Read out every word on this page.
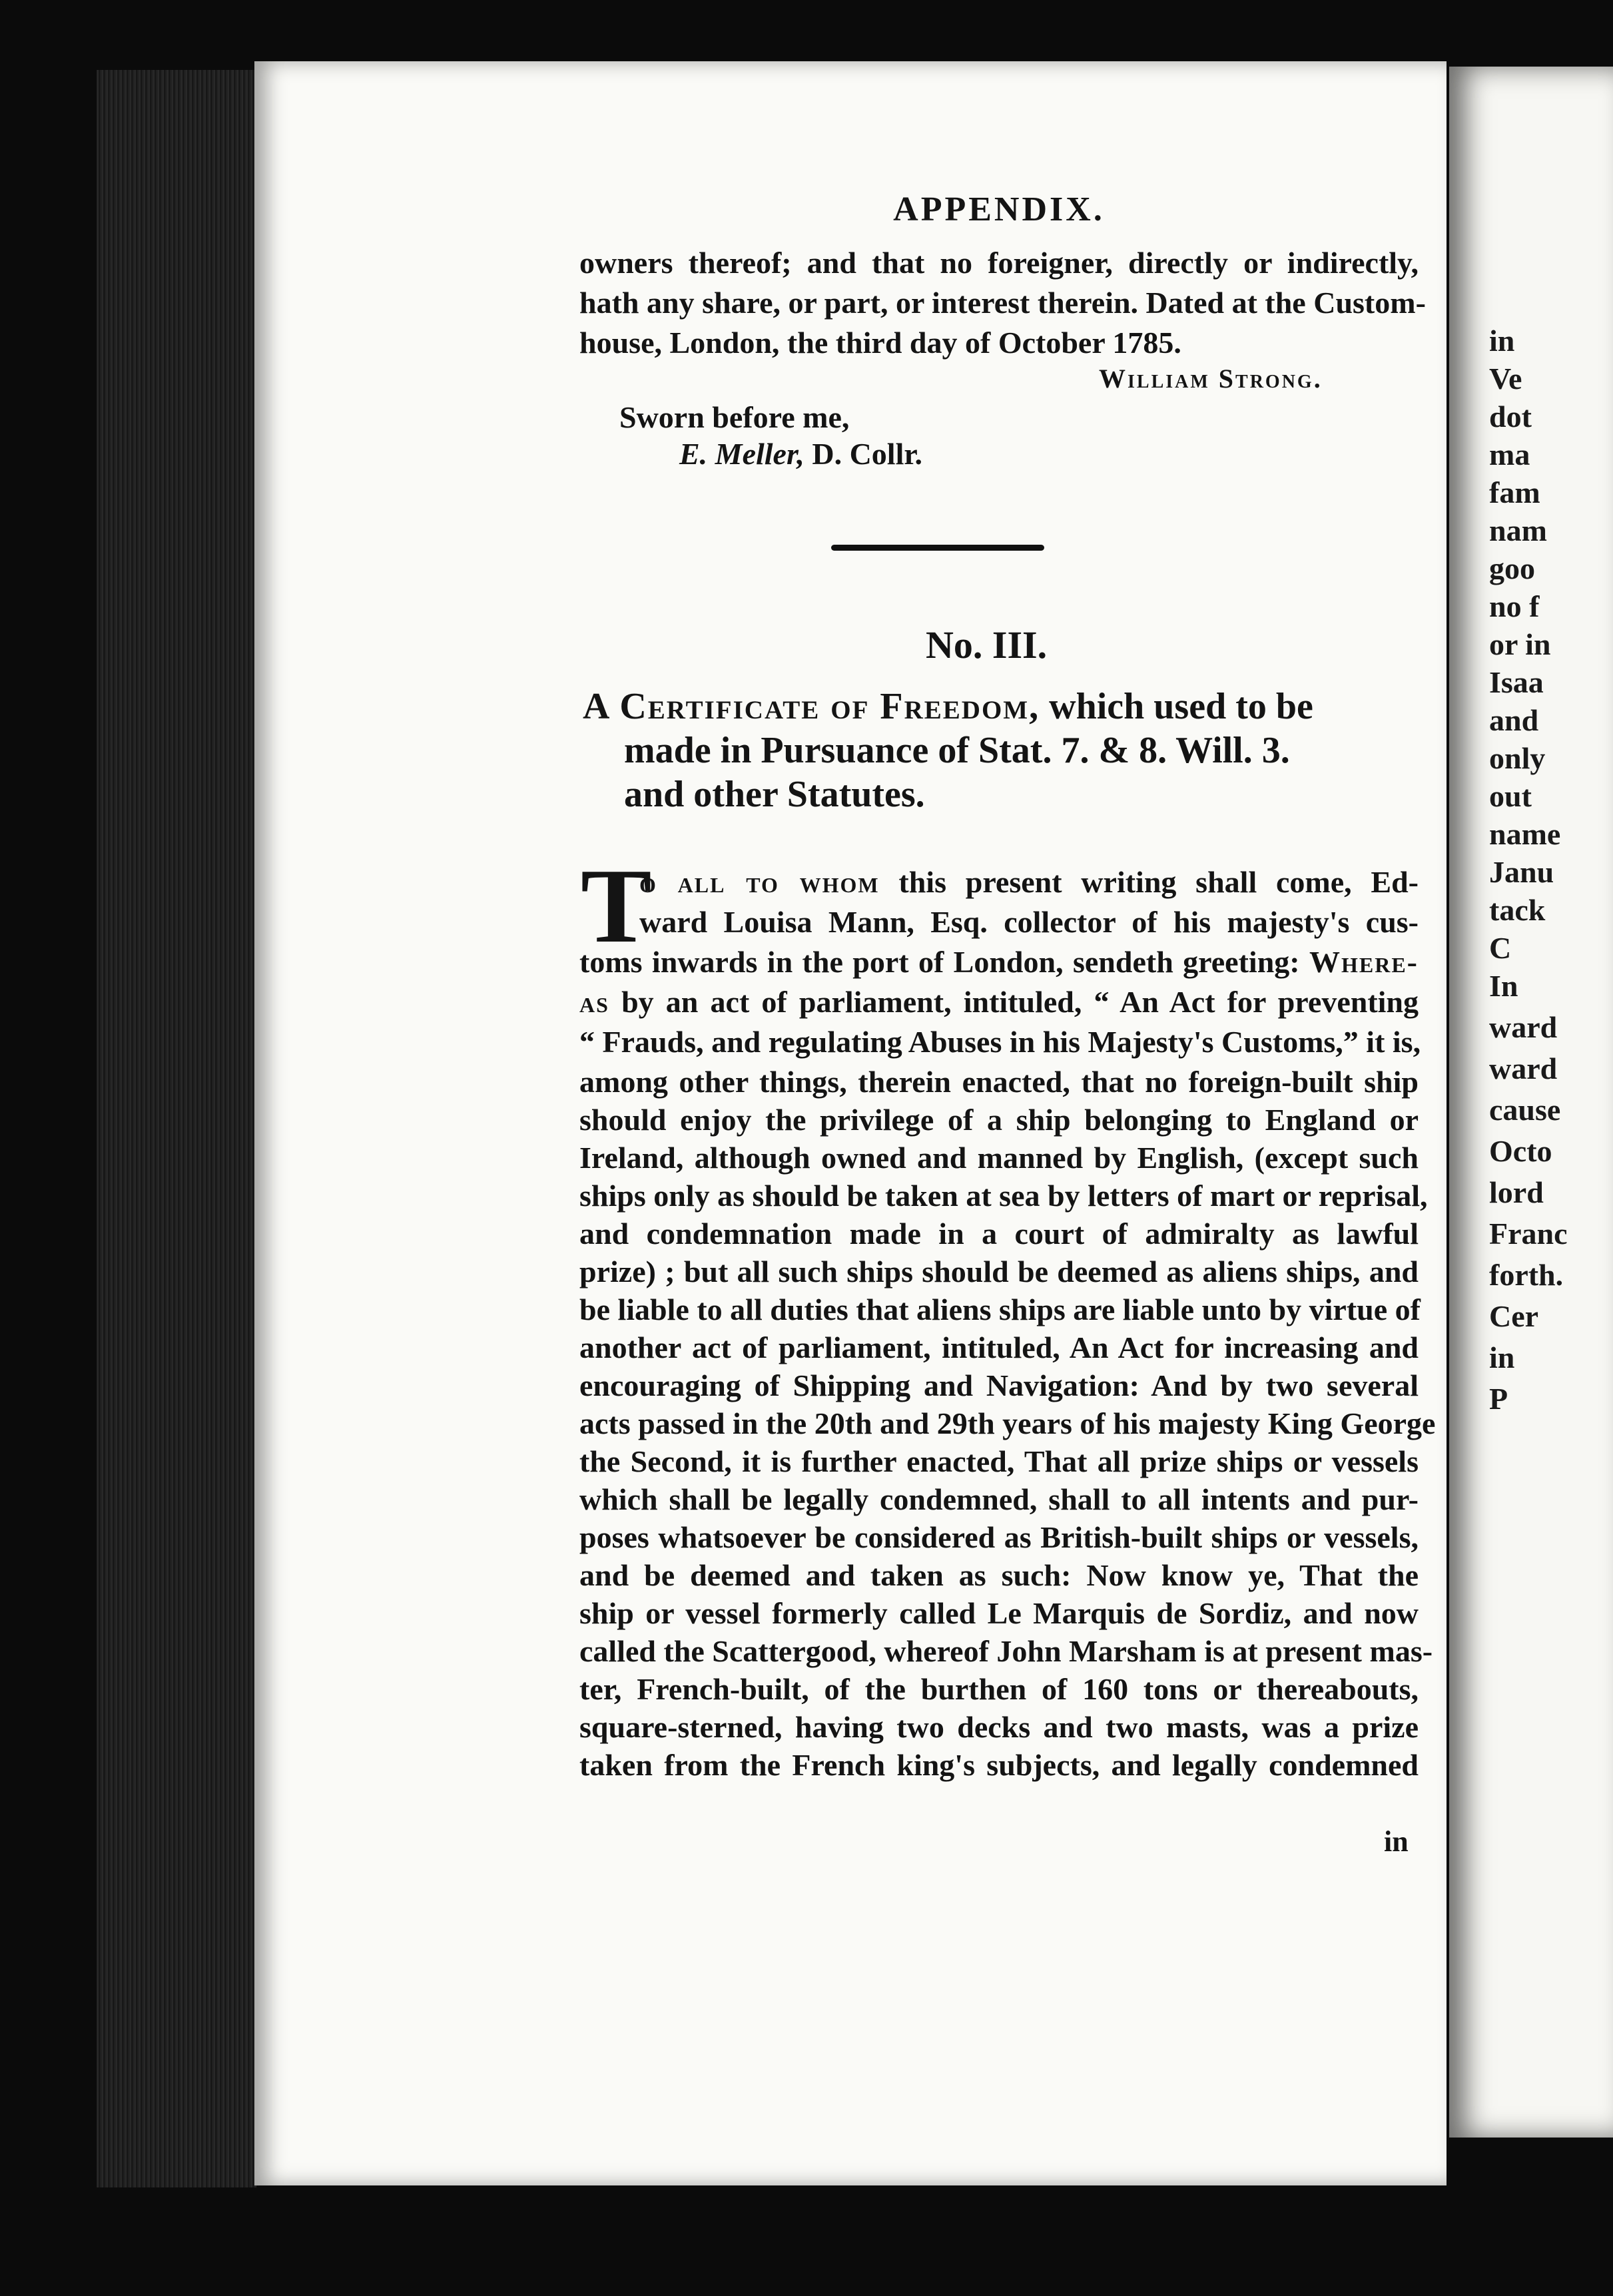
in
Ve
dot
ma
fam
nam
goo
no f
or in
Isaa
and
only
out
name
Janu
tack
C
In
ward
ward
cause
Octo
lord
Franc
forth.
Cer
in
P
APPENDIX.
owners thereof; and that no foreigner, directly or indirectly,
hath any share, or part, or interest therein. Dated at the Custom-
house, London, the third day of October 1785.
William Strong.
Sworn before me,
E. Meller, D. Collr.
No. III.
A Certificate of Freedom, which used to be
made in Pursuance of Stat. 7. & 8. Will. 3.
and other Statutes.
T
o all to whom this present writing shall come, Ed-
ward Louisa Mann, Esq. collector of his majesty's cus-
toms inwards in the port of London, sendeth greeting: Where-
as by an act of parliament, intituled, “ An Act for preventing
“ Frauds, and regulating Abuses in his Majesty's Customs,” it is,
among other things, therein enacted, that no foreign-built ship
should enjoy the privilege of a ship belonging to England or
Ireland, although owned and manned by English, (except such
ships only as should be taken at sea by letters of mart or reprisal,
and condemnation made in a court of admiralty as lawful
prize) ; but all such ships should be deemed as aliens ships, and
be liable to all duties that aliens ships are liable unto by virtue of
another act of parliament, intituled, An Act for increasing and
encouraging of Shipping and Navigation: And by two several
acts passed in the 20th and 29th years of his majesty King George
the Second, it is further enacted, That all prize ships or vessels
which shall be legally condemned, shall to all intents and pur-
poses whatsoever be considered as British-built ships or vessels,
and be deemed and taken as such: Now know ye, That the
ship or vessel formerly called Le Marquis de Sordiz, and now
called the Scattergood, whereof John Marsham is at present mas-
ter, French-built, of the burthen of 160 tons or thereabouts,
square-sterned, having two decks and two masts, was a prize
taken from the French king's subjects, and legally condemned
in
